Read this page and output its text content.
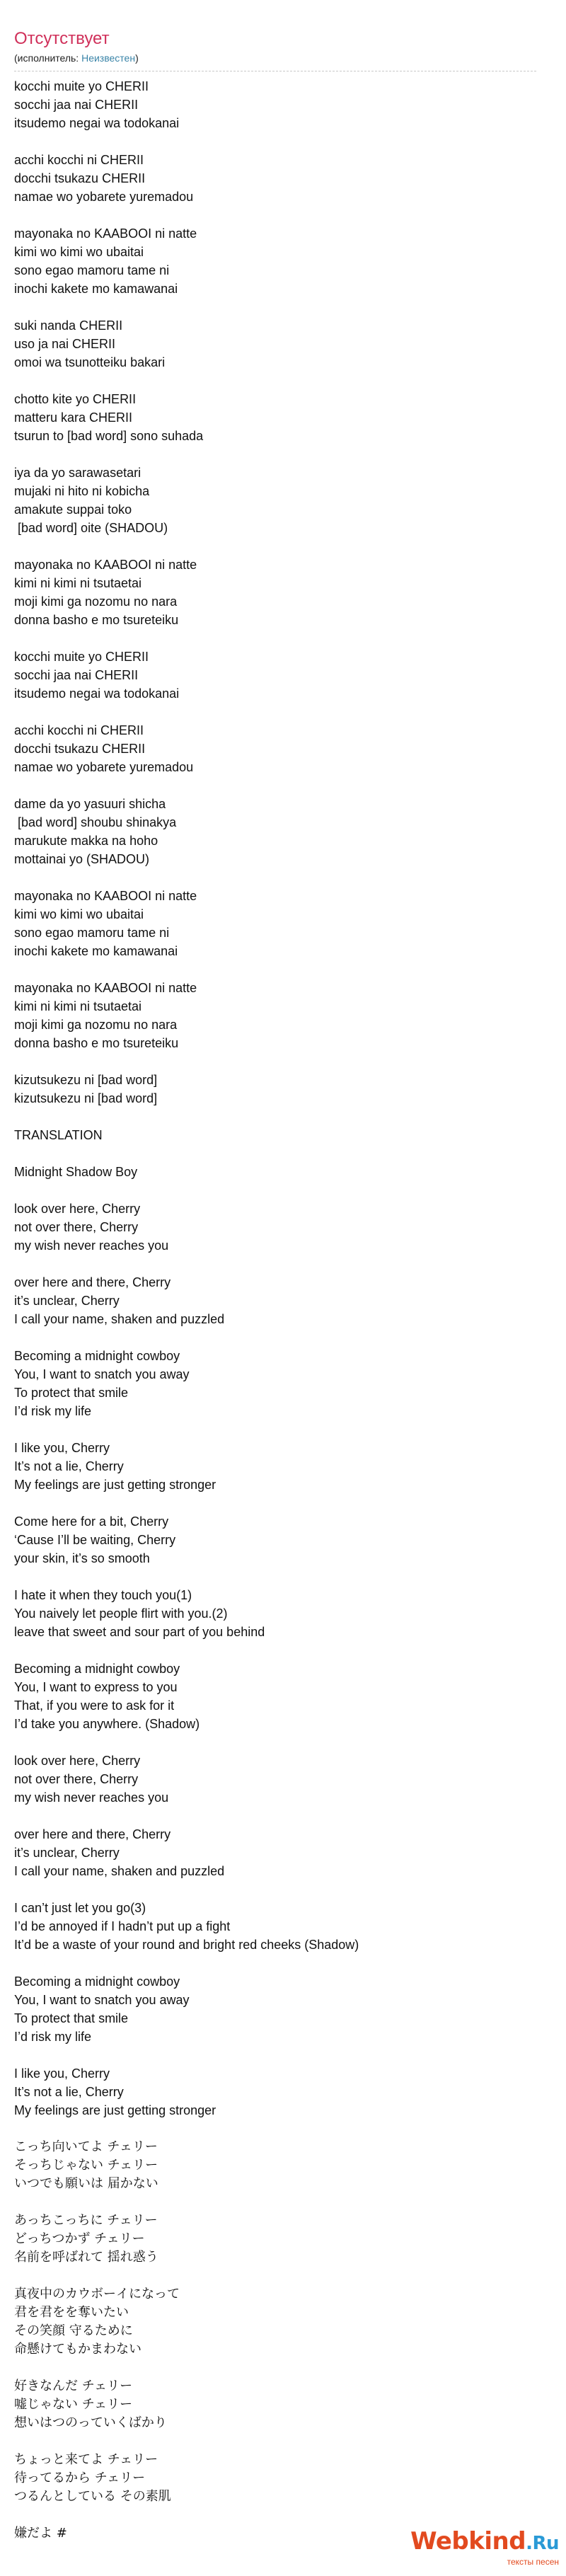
Отсутствует
(исполнитель: Неизвестен)
kocchi muite yo CHERII
socchi jaa nai CHERII
itsudemo negai wa todokanai
acchi kocchi ni CHERII
docchi tsukazu CHERII
namae wo yobarete yuremadou
mayonaka no KAABOOI ni natte
kimi wo kimi wo ubaitai
sono egao mamoru tame ni
inochi kakete mo kamawanai
suki nanda CHERII
uso ja nai CHERII
omoi wa tsunotteiku bakari
chotto kite yo CHERII
matteru kara CHERII
tsurun to [bad word] sono suhada
iya da yo sarawasetari
mujaki ni hito ni kobicha
amakute suppai toko
[bad word] oite (SHADOU)
mayonaka no KAABOOI ni natte
kimi ni kimi ni tsutaetai
moji kimi ga nozomu no nara
donna basho e mo tsureteiku
kocchi muite yo CHERII
socchi jaa nai CHERII
itsudemo negai wa todokanai
acchi kocchi ni CHERII
docchi tsukazu CHERII
namae wo yobarete yuremadou
dame da yo yasuuri shicha
[bad word] shoubu shinakya
marukute makka na hoho
mottainai yo (SHADOU)
mayonaka no KAABOOI ni natte
kimi wo kimi wo ubaitai
sono egao mamoru tame ni
inochi kakete mo kamawanai
mayonaka no KAABOOI ni natte
kimi ni kimi ni tsutaetai
moji kimi ga nozomu no nara
donna basho e mo tsureteiku
kizutsukezu ni [bad word]
kizutsukezu ni [bad word]
TRANSLATION
Midnight Shadow Boy
look over here, Cherry
not over there, Cherry
my wish never reaches you
over here and there, Cherry
it’s unclear, Cherry
I call your name, shaken and puzzled
Becoming a midnight cowboy
You, I want to snatch you away
To protect that smile
I’d risk my life
I like you, Cherry
It’s not a lie, Cherry
My feelings are just getting stronger
Come here for a bit, Cherry
‘Cause I’ll be waiting, Cherry
your skin, it’s so smooth
I hate it when they touch you(1)
You naively let people flirt with you.(2)
leave that sweet and sour part of you behind
Becoming a midnight cowboy
You, I want to express to you
That, if you were to ask for it
I’d take you anywhere. (Shadow)
look over here, Cherry
not over there, Cherry
my wish never reaches you
over here and there, Cherry
it’s unclear, Cherry
I call your name, shaken and puzzled
I can’t just let you go(3)
I’d be annoyed if I hadn’t put up a fight
It’d be a waste of your round and bright red cheeks (Shadow)
Becoming a midnight cowboy
You, I want to snatch you away
To protect that smile
I’d risk my life
I like you, Cherry
It’s not a lie, Cherry
My feelings are just getting stronger
こっち向いてよ チェリー
そっちじゃない チェリー
いつでも願いは 届かない
あっちこっちに チェリー
どっちつかず チェリー
名前を呼ばれて 揺れ惑う
真夜中のカウボーイになって
君を君をを奪いたい
その笑顔 守るために
命懸けてもかまわない
好きなんだ チェリー
嘘じゃない チェリー
想いはつのっていくばかり
ちょっと来てよ チェリー
待ってるから チェリー
つるんとしている その素肌
嫌だよ #	Webkind.Ru
тексты песен
